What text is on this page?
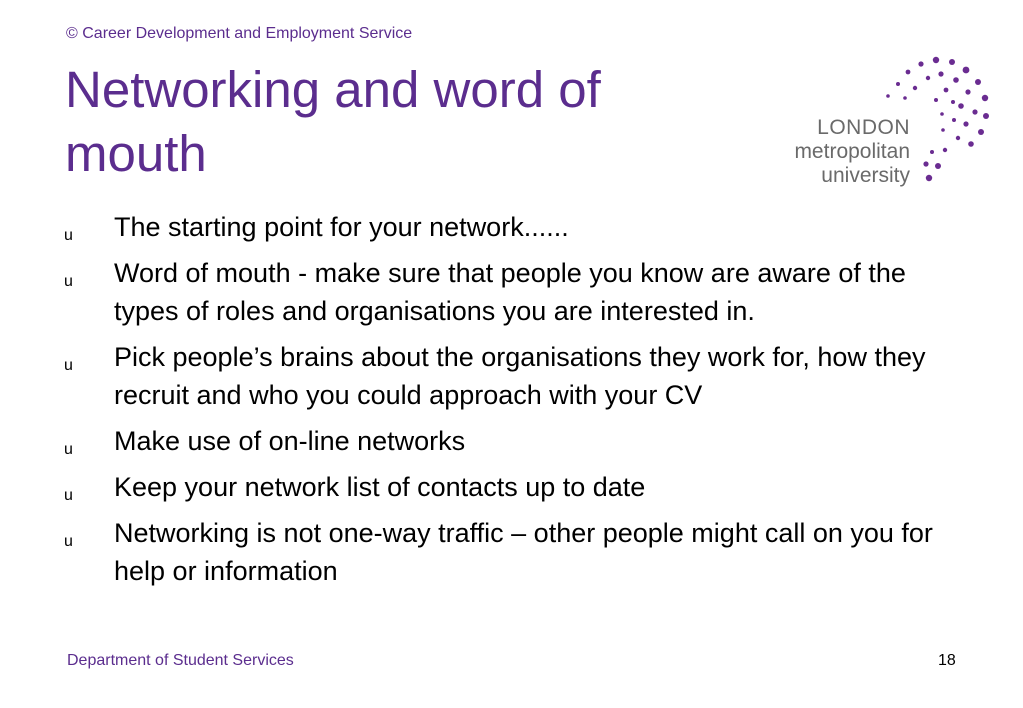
© Career Development and Employment Service
Networking and word of mouth	LONDON
metropolitan
university
u The starting point for your network......
u Word of mouth - make sure that people you know are aware of the types of roles and organisations you are interested in.
u Pick people’s brains about the organisations they work for, how they recruit and who you could approach with your CV
u Make use of on-line networks
u Keep your network list of contacts up to date
u Networking is not one-way traffic – other people might call on you for help or information
Department of Student Services	18
